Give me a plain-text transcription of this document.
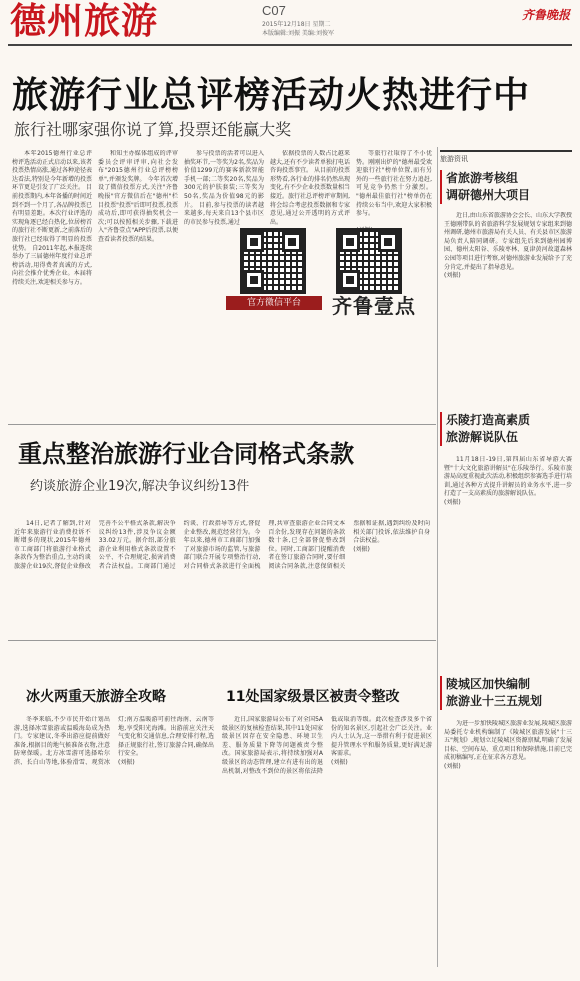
德州旅游	C07
2015年12月18日 星期二
本版编辑:刘振 美编:刘俊军
齐鲁晚报
旅游行业总评榜活动火热进行中
旅行社哪家强你说了算,投票还能赢大奖
本年2015德州行业总评榜评选活动正式启动以来,该者投票热情高涨,通过各种途径表达看法,特别是今年新增的投票环节更是引发了广泛关注。 目前投票期内,本年备播的时间近到不到一个月了,各品牌投票已有明显差距。本次行业评选的实现角逐已经白热化,位居榜首的旅行社不断更新,之前落后的旅行社已经取得了明显的投票优势。 自2011年起,本报连续举办了三届德州年度行业总评榜活动,用得费者真诚的方式,向社会推介优秀企业。本届将持续关注,欢迎相关参与方。
和知主办媒体组成的评审委员会评审评审,向社会发布"2015德州行业总评榜榜单",并颁发奖牌。 今年首次增设了微信投票方式,关注"齐鲁晚报"官方微信后在"德州"栏目投票"投票"后即可投票,投票成功后,即可获得抽奖机会一次;可以按照相关步骤,下载进入"齐鲁壹点"APP后投票,以便查看读者投票的结果。
参与投票的活者可以进入抽奖环节,一等奖为2名,奖品为价值1299元的赛客新款智能手机一部;二等奖20名,奖品为300元的护肤套装;三等奖为50名,奖品为价值98元的影片。 目前,参与投票的读者越来越多,每天来自13个县市区的市民参与投票,通过
依据投票的人数占比越来越大,还有不少读者单独打电话咨询投票事宜。 从目前的投票形势看,各行业的排名仍然出现变化,有不少企业投票数量相当接近。旅行社总评榜评审期间,将会综合考虑投票数据和专家意见,通过公开透明的方式评出。
等旅行社取得了不小优势。刚刚出炉的"德州最受欢迎旅行社"榜单位置,而有另外的一些旅行社在努力追赶,可见竞争仍然十分激烈。 "德州最佳旅行社"榜单仍在持续公布当中,欢迎大家积极参与。

官方微信平台	齐鲁壹点
重点整治旅游行业合同格式条款
约谈旅游企业19次,解决争议纠纷13件
14日,记者了解到,针对近年来旅游行业消费投诉不断增多的现状,2015年德州市工商部门将旅游行业格式条款作为整治重点,主动约谈旅游企业19次,督促企业修改完善不公平格式条款,解决争议纠纷13件,涉及争议金额33.02万元。据介绍,部分旅游企业利用格式条款设置不公平、不合理规定,损害消费者合法权益。工商部门通过约谈、行政指导等方式,督促企业整改,规范经营行为。今年以来,德州市工商部门加强了对旅游市场的监管,与旅游部门联合开展专项整治行动,对合同格式条款进行全面梳理,共审查旅游企业合同文本百余份,发现存在问题的条款数十条,已全部督促整改到位。同时,工商部门提醒消费者在签订旅游合同时,要仔细阅读合同条款,注意保留相关票据和证据,遇到纠纷及时向相关部门投诉,依法维护自身合法权益。
(刘振)
冰火两重天旅游全攻略
冬季来临,不少市民开始计划出游,选择冰雪旅游或温暖海岛成为热门。专家建议,冬季出游应提前做好准备,根据目的地气候准备衣物,注意防寒保暖。北方冰雪游可选择哈尔滨、长白山等地,体验滑雪、观赏冰灯;南方温暖游可前往海南、云南等地,享受阳光海滩。出游前应关注天气变化和交通信息,合理安排行程,选择正规旅行社,签订旅游合同,确保出行安全。
(刘振)
11处国家级景区被责令整改
近日,国家旅游局公布了对全国5A级景区的复核检查结果,其中11处国家级景区因存在安全隐患、环境卫生差、服务质量下降等问题被责令整改。国家旅游局表示,将持续加强对A级景区的动态管理,建立有进有出的退出机制,对整改不到位的景区将依法降低或取消等级。此次检查涉及多个省份的知名景区,引起社会广泛关注。业内人士认为,这一举措有利于促进景区提升管理水平和服务质量,更好满足游客需求。
(刘振)
旅游资讯
省旅游考核组
调研德州大项目
近日,由山东省旅游协会会长、山东大学教授王德刚带队的省旅游科学发展规划专家组来到德州调研,德州市旅游局有关人员、有关县市区旅游局负责人陪同调研。专家组先后来到德州园博园、德州太阳谷、乐陵枣林、夏津黄河故道森林公园等项目进行考察,对德州旅游业发展给予了充分肯定,并提出了指导意见。
(刘振)
乐陵打造高素质
旅游解说队伍
11月18日-19日,第四届山东省导游大赛暨"十大文化旅游讲解员"在乐陵举行。乐陵市旅游局高度重视此次活动,积极组织参赛选手进行培训,通过各种方式提升讲解员的业务水平,进一步打造了一支高素质的旅游解说队伍。
(刘振)
陵城区加快编制
旅游业十三五规划
为进一步加快陵城区旅游业发展,陵城区旅游局委托专业机构编制了《陵城区旅游发展"十三五"规划》,规划立足陵城区资源禀赋,明确了发展目标、空间布局、重点项目和保障措施,目前已完成初稿编写,正在征求各方意见。
(刘振)
